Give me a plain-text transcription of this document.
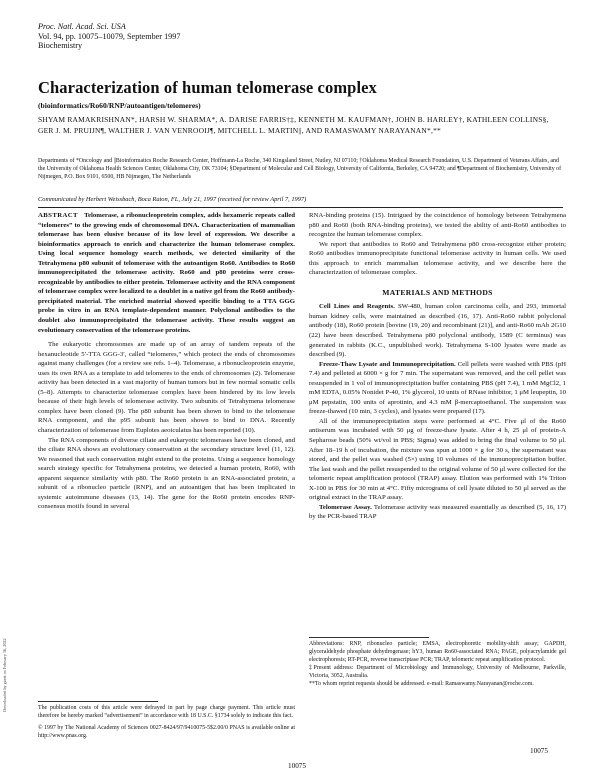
Proc. Natl. Acad. Sci. USA
Vol. 94, pp. 10075–10079, September 1997
Biochemistry
Characterization of human telomerase complex
(bioinformatics/Ro60/RNP/autoantigen/telomeres)
SHYAM RAMAKRISHNAN*, HARSH W. SHARMA*, A. DARISE FARRIS†‡, KENNETH M. KAUFMAN†, JOHN B. HARLEY†, KATHLEEN COLLINS§, GER J. M. PRUIJN¶, WALTHER J. VAN VENROOIJ¶, MITCHELL L. MARTIN||, AND RAMASWAMY NARAYANAN*,**
Departments of *Oncology and ||Bioinformatics Roche Research Center, Hoffmann-La Roche, 340 Kingsland Street, Nutley, NJ 07110; †Oklahoma Medical Research Foundation, U.S. Department of Veterans Affairs, and the University of Oklahoma Health Sciences Center, Oklahoma City, OK 73104; §Department of Molecular and Cell Biology, University of California, Berkeley, CA 94720; and ¶Department of Biochemistry, University of Nijmegen, P.O. Box 9101, 6500, HB Nijmegen, The Netherlands
Communicated by Herbert Weissbach, Boca Raton, FL, July 21, 1997 (received for review April 7, 1997)
ABSTRACT Telomerase, a ribonucleoprotein complex, adds hexameric repeats called “telomeres” to the growing ends of chromosomal DNA. Characterization of mammalian telomerase has been elusive because of its low level of expression. We describe a bioinformatics approach to enrich and characterize the human telomerase complex. Using local sequence homology search methods, we detected similarity of the Tetrahymena p80 subunit of telomerase with the autoantigen Ro60. Antibodies to Ro60 immunoprecipitated the telomerase activity. Ro60 and p80 proteins were cross-recognizable by antibodies to either protein. Telomerase activity and the RNA component of telomerase complex were localized to a doublet in a native gel from the Ro60 antibody-precipitated material. The enriched material showed specific binding to a TTA GGG probe in vitro in an RNA template-dependent manner. Polyclonal antibodies to the doublet also immunoprecipitated the telomerase activity. These results suggest an evolutionary conservation of the telomerase proteins.

The eukaryotic chromosomes are made up of an array of tandem repeats of the hexanucleotide 5′-TTA GGG-3′, called “telomeres,” which protect the ends of chromosomes against many challenges (for a review see refs. 1–4). Telomerase, a ribonucleoprotein enzyme, uses its own RNA as a template to add telomeres to the ends of chromosomes (2). Telomerase activity has been detected in a vast majority of human tumors but in few normal somatic cells (5–8). Attempts to characterize telomerase complex have been hindered by its low levels because of their high levels of telomerase activity. Two subunits of Tetrahymena telomerase complex have been cloned (9). The p80 subunit has been shown to bind to the telomerase RNA component, and the p95 subunit has been shown to bind to DNA. Recently characterization of telomerase from Euplotes aeoiculatus has been reported (10).

The RNA components of diverse ciliate and eukaryotic telomerases have been cloned, and the ciliate RNA shows an evolutionary conservation at the secondary structure level (11, 12). We reasoned that such conservation might extend to the proteins. Using a sequence homology search strategy specific for Tetrahymena proteins, we detected a human protein, Ro60, with apparent sequence similarity with p80. The Ro60 protein is an RNA-associated protein, a subunit of a ribonucleo particle (RNP), and an autoantigen that has been implicated in systemic autoimmune diseases (13, 14). The gene for the Ro60 protein encodes RNP-consensus motifs found in several

The publication costs of this article were defrayed in part by page charge payment. This article must therefore be hereby marked “advertisement” in accordance with 18 U.S.C. §1734 solely to indicate this fact.

© 1997 by The National Academy of Sciences 0027-8424/97/9410075-5$2.00/0 PNAS is available online at http://www.pnas.org.

RNA-binding proteins (15). Intrigued by the coincidence of homology between Tetrahymena p80 and Ro60 (both RNA-binding proteins), we tested the ability of anti-Ro60 antibodies to recognize the human telomerase complex.

We report that antibodies to Ro60 and Tetrahymena p80 cross-recognize either protein; Ro60 antibodies immunoprecipitate functional telomerase activity in human cells. We used this approach to enrich mammalian telomerase activity, and we describe here the characterization of telomerase complex.

MATERIALS AND METHODS

Cell Lines and Reagents. SW-480, human colon carcinoma cells, and 293, immortal human kidney cells, were maintained as described (16, 17). Anti-Ro60 rabbit polyclonal antibody (18), Ro60 protein [bovine (19, 20) and recombinant (21)], and anti-Ro60 mAb 2G10 (22) have been described. Tetrahymena p80 polyclonal antibody, 1589 (C terminus) was generated in rabbits (K.C., unpublished work). Tetrahymena S-100 lysates were made as described (9).

Freeze-Thaw Lysate and Immunoprecipitation. Cell pellets were washed with PBS (pH 7.4) and pelleted at 6000 × g for 7 min. The supernatant was removed, and the cell pellet was resuspended in 1 vol of immunoprecipitation buffer containing PBS (pH 7.4), 1 mM MgCl2, 1 mM EDTA, 0.05% Nonidet P-40, 1% glycerol, 10 units of RNase inhibitor, 1 μM leupeptin, 10 μM pepstatin, 100 units of aprotinin, and 4.3 mM β-mercaptoethanol. The suspension was freeze-thawed (10 min, 3 cycles), and lysates were prepared (17).

All of the immunoprecipitation steps were performed at 4°C. Five μl of the Ro60 antiserum was incubated with 50 μg of freeze-thaw lysate. After 4 h, 25 μl of protein-A Sepharose beads (50% wt/vol in PBS; Sigma) was added to bring the final volume to 50 μl. After 18–19 h of incubation, the mixture was spun at 1000 × g for 30 s, the supernatant was stored, and the pellet was washed (5×) using 10 volumes of the immunoprecipitation buffer. The last wash and the pellet resuspended to the original volume of 50 μl were collected for the telomeric repeat amplification protocol (TRAP) assay. Elution was performed with 1% Triton X-100 in PBS for 30 min at 4°C. Fifty micrograms of cell lysate diluted to 50 μl served as the original extract in the TRAP assay.

Telomerase Assay. Telomerase activity was measured essentially as described (5, 16, 17) by the PCR-based TRAP

Abbreviations: RNP, ribonucleo particle; EMSA, electrophoretic mobility-shift assay; GAPDH, glyceraldehyde phosphate dehydrogenase; hY3, human Ro60-associated RNA; PAGE, polyacrylamide gel electrophoresis; RT-PCR, reverse transcriptase PCR; TRAP, telomeric repeat amplification protocol.

‡Present address: Department of Microbiology and Immunology, University of Melbourne, Parkville, Victoria, 3052, Australia.

**To whom reprint requests should be addressed. e-mail: Ramaswamy.Narayanan@roche.com.

10075
10075
Downloaded by guest on February 16, 2022
